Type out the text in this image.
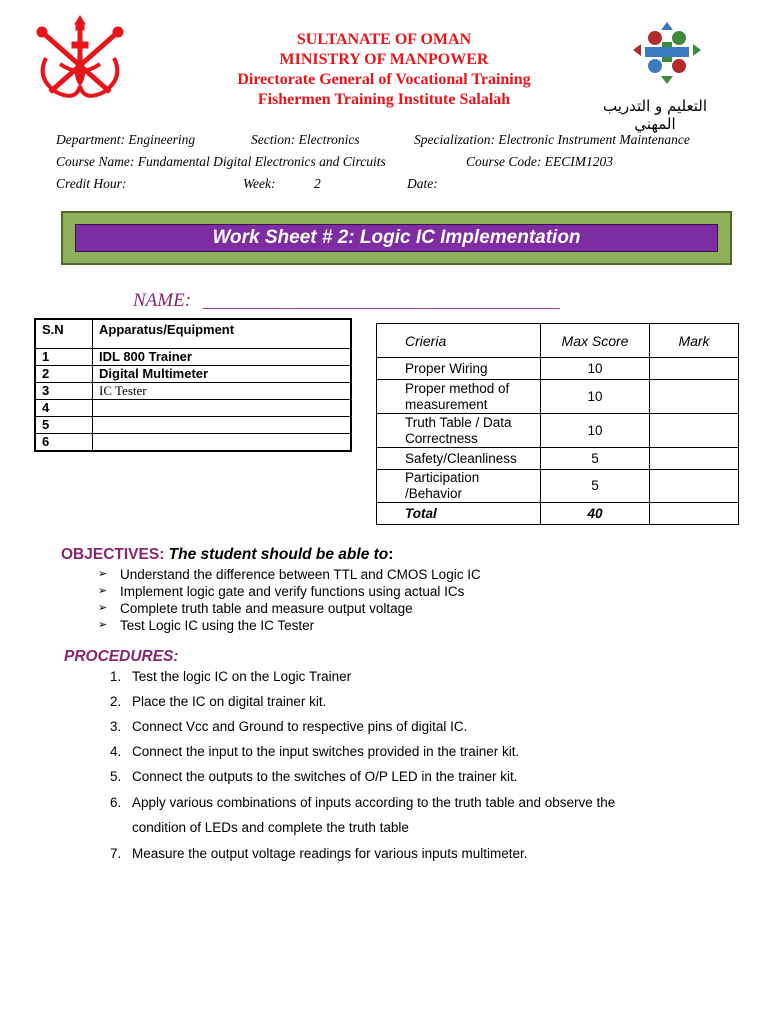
SULTANATE OF OMAN
MINISTRY OF MANPOWER
Directorate General of Vocational Training
Fishermen Training Institute Salalah	التعليم و التدريب المهني
Department: Engineering	Section: Electronics	Specialization: Electronic Instrument Maintenance
Course Name: Fundamental Digital Electronics and Circuits	Course Code: EECIM1203
Credit Hour:	Week:	2	Date:
Work Sheet # 2: Logic IC Implementation
NAME: __________________________________________
S.N	Apparatus/Equipment
1	IDL 800 Trainer
2	Digital Multimeter
3	IC Tester
4	
5	
6	
Crieria	Max Score	Mark
Proper Wiring	10	
Proper method of measurement	10	
Truth Table / Data Correctness	10	
Safety/Cleanliness	5	
Participation /Behavior	5	
Total	40	
OBJECTIVES: The student should be able to:
➢ Understand the difference between TTL and CMOS Logic IC
➢ Implement logic gate and verify functions using actual ICs
➢ Complete truth table and measure output voltage
➢ Test Logic IC using the IC Tester
PROCEDURES:
1. Test the logic IC on the Logic Trainer
2. Place the IC on digital trainer kit.
3. Connect Vcc and Ground to respective pins of digital IC.
4. Connect the input to the input switches provided in the trainer kit.
5. Connect the outputs to the switches of O/P LED in the trainer kit.
6. Apply various combinations of inputs according to the truth table and observe the
condition of LEDs and complete the truth table
7. Measure the output voltage readings for various inputs multimeter.
